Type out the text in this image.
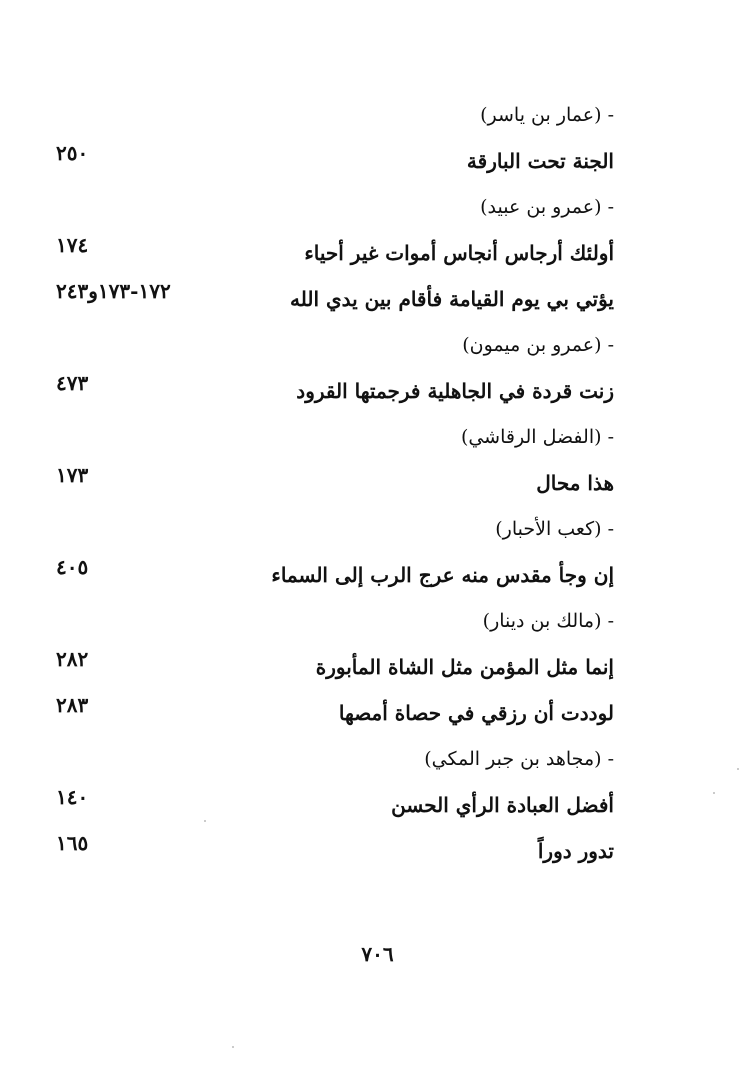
- (عمار بن ياسر)
الجنة تحت البارقة
٢٥٠
- (عمرو بن عبيد)
أولئك أرجاس أنجاس أموات غير أحياء
١٧٤
يؤتي بي يوم القيامة فأقام بين يدي الله
١٧٢-١٧٣و٢٤٣
- (عمرو بن ميمون)
زنت قردة في الجاهلية فرجمتها القرود
٤٧٣
- (الفضل الرقاشي)
هذا محال
١٧٣
- (كعب الأحبار)
إن وجأ مقدس منه عرج الرب إلى السماء
٤٠٥
- (مالك بن دينار)
إنما مثل المؤمن مثل الشاة المأبورة
٢٨٢
لوددت أن رزقي في حصاة أمصها
٢٨٣
- (مجاهد بن جبر المكي)
أفضل العبادة الرأي الحسن
١٤٠
تدور دوراً
١٦٥
٧٠٦
